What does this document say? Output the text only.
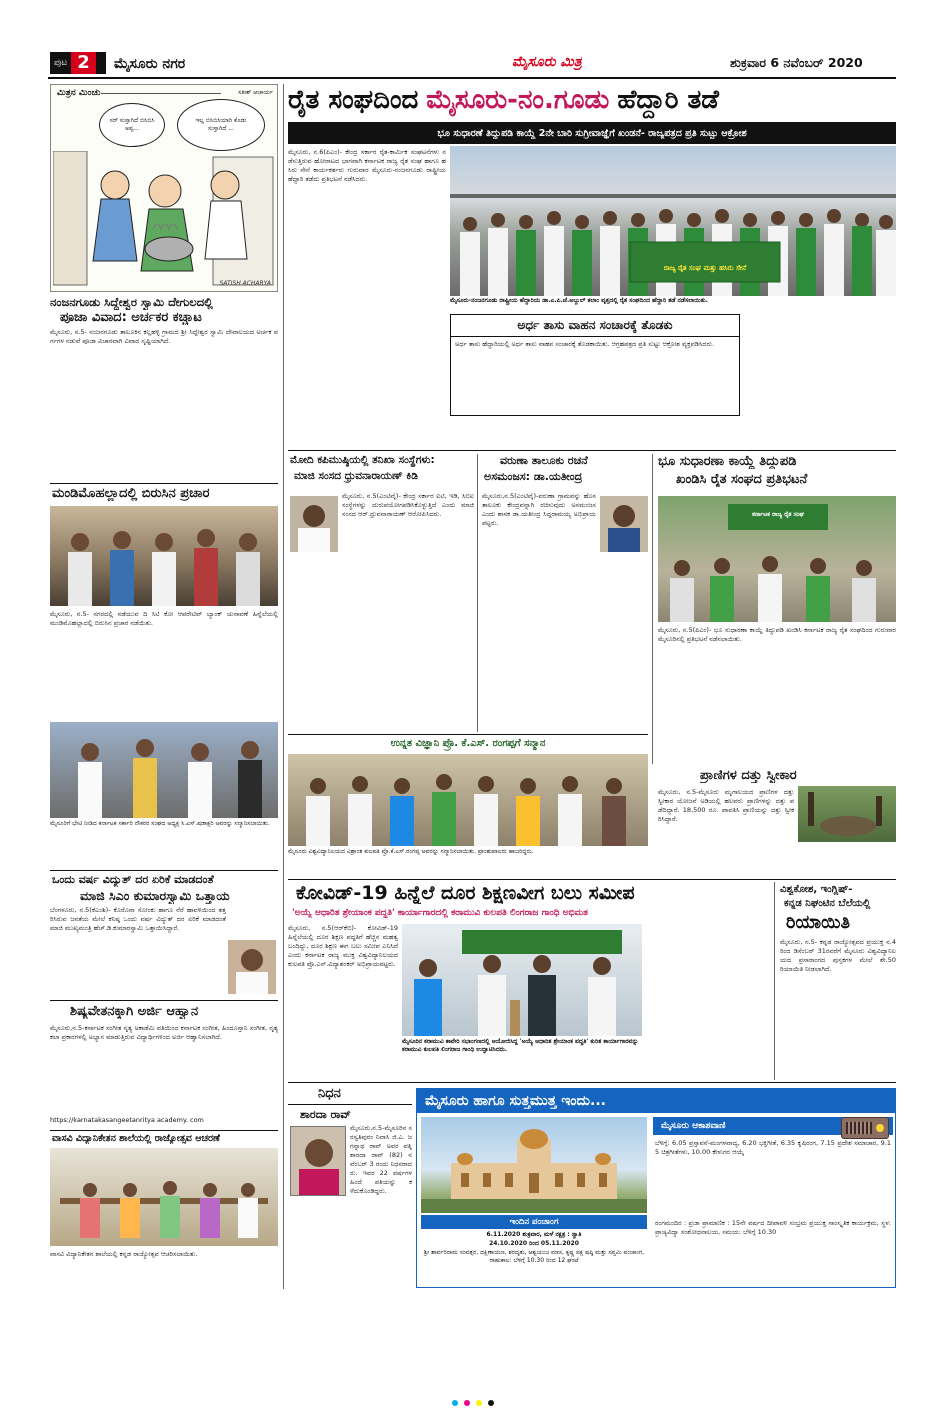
ಪುಟ 2	ಮೈಸೂರು ನಗರ	ಮೈಸೂರು ಮಿತ್ರ	ಶುಕ್ರವಾರ 6 ನವೆಂಬರ್ 2020
ಮಿತ್ರನ ಮಿಂಚು	ಸತೀಶ್ ಆಚಾರ್ಯ
ಸರ್ ಸುಸ್ತಾಗಿದೆ ಬಿಸಿಬಿಸಿ ಅಪ್ಪ...
ಇಲ್ಲ ಬಿಸಿಬಿಸಿಯಾಗಿ ಕೊಡು ಸುಸ್ತಾಗಿದೆ ...
SATISH ACHARYA
ನಂಜನಗೂಡು ಸಿದ್ದೇಶ್ವರ ಸ್ವಾಮಿ ದೇಗುಲದಲ್ಲಿ
ಪೂಜಾ ವಿವಾದ: ಅರ್ಚಕರ ಕಚ್ಚಾಟ
ಮೈಸೂರು, ನ.5- ನಂಜನಗೂಡು ತಾಲೂಕಿನ ಕಲ್ಲಹಳ್ಳಿ ಗ್ರಾಮದ ಶ್ರೀ ಸಿದ್ದೇಶ್ವರ ಸ್ವಾಮಿ ದೇವಾಲಯದ ಅರ್ಚಕ ವರ್ಗಗಳ ನಡುವೆ ಪೂಜಾ ವಿಚಾರವಾಗಿ ವಿವಾದ ಸೃಷ್ಟಿಯಾಗಿದೆ.
ಮಂಡಿಮೊಹಲ್ಲಾದಲ್ಲಿ ಬಿರುಸಿನ ಪ್ರಚಾರ
ಮೈಸೂರು, ನ.5- ನಗರದಲ್ಲಿ ನಡೆಯುವ ದಿ ಸಿಟಿ ಕೋ ಆಪರೇಟಿವ್ ಬ್ಯಾಂಕ್ ಚುನಾವಣೆ ಹಿನ್ನೆಲೆಯಲ್ಲಿ ಮಂಡಿಮೊಹಲ್ಲಾದಲ್ಲಿ ಬಿರುಸಿನ ಪ್ರಚಾರ ನಡೆಯಿತು.
ಮೈಸೂರಿಗೆ ಭೇಟಿ ನೀಡಿದ ಕರ್ನಾಟಕ ಸರ್ಕಾರಿ ನೌಕರರ ಸಂಘದ ಅಧ್ಯಕ್ಷ ಸಿ.ಎಸ್.ಷಡಾಕ್ಷರಿ ಅವರನ್ನು ಸನ್ಮಾನಿಸಲಾಯಿತು.
ಒಂದು ವರ್ಷ ವಿದ್ಯುತ್ ದರ ಏರಿಕೆ ಮಾಡದಂತೆ
ಮಾಜಿ ಸಿಎಂ ಕುಮಾರಸ್ವಾಮಿ ಒತ್ತಾಯ
ಬೆಂಗಳೂರು, ನ.5(ಕೆಎಂಶಿ)- ಕೊರೊನಾ ಸೋಂಕು ಹಾಗೂ ನೆರೆ ಹಾವಳಿಯಿಂದ ತತ್ತರಿಸಿರುವ ಜನತೆಯ ಮೇಲೆ ಕನಿಷ್ಠ ಒಂದು ವರ್ಷ ವಿದ್ಯುತ್ ದರ ಏರಿಕೆ ಮಾಡದಂತೆ ಮಾಜಿ ಮುಖ್ಯಮಂತ್ರಿ ಹೆಚ್.ಡಿ.ಕುಮಾರಸ್ವಾಮಿ ಒತ್ತಾಯಿಸಿದ್ದಾರೆ.
ಶಿಷ್ಯವೇತನಕ್ಕಾಗಿ ಅರ್ಜಿ ಆಹ್ವಾನ
ಮೈಸೂರು,ನ.5-ಕರ್ನಾಟಕ ಸಂಗೀತ ನೃತ್ಯ ಅಕಾಡೆಮಿ ವತಿಯಿಂದ ಕರ್ನಾಟಕ ಸಂಗೀತ, ಹಿಂದೂಸ್ತಾನಿ ಸಂಗೀತ, ನೃತ್ಯ ಕಲಾ ಪ್ರಕಾರಗಳಲ್ಲಿ ಅಭ್ಯಾಸ ಮಾಡುತ್ತಿರುವ ವಿದ್ಯಾರ್ಥಿಗಳಿಂದ ಅರ್ಜಿ ಆಹ್ವಾನಿಸಲಾಗಿದೆ.
https://karnatakasangeetanritya academy. com
ವಾಸವಿ ವಿದ್ಯಾನಿಕೇತನ ಶಾಲೆಯಲ್ಲಿ ರಾಜ್ಯೋತ್ಸವ ಆಚರಣೆ
ವಾಸವಿ ವಿದ್ಯಾನಿಕೇತನ ಶಾಲೆಯಲ್ಲಿ ಕನ್ನಡ ರಾಜ್ಯೋತ್ಸವ ಆಚರಿಸಲಾಯಿತು.
ರೈತ ಸಂಘದಿಂದ ಮೈಸೂರು-ನಂ.ಗೂಡು ಹೆದ್ದಾರಿ ತಡೆ
ಭೂ ಸುಧಾರಣೆ ತಿದ್ದುಪಡಿ ಕಾಯ್ದೆ 2ನೇ ಬಾರಿ ಸುಗ್ರೀವಾಜ್ಞೆಗೆ ಖಂಡನೆ- ರಾಜ್ಯಪತ್ರದ ಪ್ರತಿ ಸುಟ್ಟು ಆಕ್ರೋಶ
ಮೈಸೂರು, ನ.6(ಪಿಎಂ)- ಕೇಂದ್ರ ಸರ್ಕಾರ ರೈತ-ಕಾರ್ಮಿಕ ಸಂಘಟನೆಗಳು ನಡೆಸುತ್ತಿರುವ ಹೋರಾಟದ ಭಾಗವಾಗಿ ಕರ್ನಾಟಕ ರಾಜ್ಯ ರೈತ ಸಂಘ ಹಾಗೂ ಹಸಿರು ಸೇನೆ ಕಾರ್ಯಕರ್ತರು ಗುರುವಾರ ಮೈಸೂರು-ನಂಜನಗೂಡು ರಾಷ್ಟ್ರೀಯ ಹೆದ್ದಾರಿ ತಡೆದು ಪ್ರತಿಭಟನೆ ನಡೆಸಿದರು.
ರಾಜ್ಯ ರೈತ ಸಂಘ ಮತ್ತು ಹಸಿರು ಸೇನೆ
ಮೈಸೂರು-ನಂಜನಗೂಡು ರಾಷ್ಟ್ರೀಯ ಹೆದ್ದಾರಿಯ ಡಾ.ಎ.ಪಿ.ಜೆ.ಅಬ್ದುಲ್ ಕಲಾಂ ವೃತ್ತದಲ್ಲಿ ರೈತ ಸಂಘದಿಂದ ಹೆದ್ದಾರಿ ತಡೆ ನಡೆಸಲಾಯಿತು.
ಅರ್ಧ ತಾಸು ವಾಹನ ಸಂಚಾರಕ್ಕೆ ತೊಡಕು
ಅರ್ಧ ತಾಸು ಹೆದ್ದಾರಿಯಲ್ಲಿ ಅರ್ಧ ತಾಸು ವಾಹನ ಸಂಚಾರಕ್ಕೆ ತೊಡಕಾಯಿತು. ಆಗ್ರಹಪತ್ರದ ಪ್ರತಿ ಸುಟ್ಟು ಆಕ್ರೋಶ ವ್ಯಕ್ತಪಡಿಸಿದರು.
ಮೋದಿ ಕಪಿಮುಷ್ಠಿಯಲ್ಲಿ ತನಿಖಾ ಸಂಸ್ಥೆಗಳು:
ಮಾಜಿ ಸಂಸದ ಧ್ರುವನಾರಾಯಣ್ ಕಿಡಿ
ಮೈಸೂರು, ನ.5(ಎಂಟಿವೈ)- ಕೇಂದ್ರ ಸರ್ಕಾರ ಐಟಿ, ಇಡಿ, ಸಿಬಿಐ ಸಂಸ್ಥೆಗಳನ್ನು ದುರುಪಯೋಗಪಡಿಸಿಕೊಳ್ಳುತ್ತಿದೆ ಎಂದು ಮಾಜಿ ಸಂಸದ ಆರ್.ಧ್ರುವನಾರಾಯಣ್ ಆರೋಪಿಸಿದರು.
ವರುಣಾ ತಾಲೂಕು ರಚನೆ
ಅಸಮಂಜಸ: ಡಾ.ಯತೀಂದ್ರ
ಮೈಸೂರು,ನ.5(ಎಂಟಿವೈ)-ವರುಣಾ ಗ್ರಾಮವನ್ನು ಹೊಸ ತಾಲೂಕು ಕೇಂದ್ರವನ್ನಾಗಿ ರಚಿಸುವುದು ಅಸಮಂಜಸ ಎಂದು ಶಾಸಕ ಡಾ.ಯತೀಂದ್ರ ಸಿದ್ದರಾಮಯ್ಯ ಅಭಿಪ್ರಾಯಪಟ್ಟರು.
ಭೂ ಸುಧಾರಣಾ ಕಾಯ್ದೆ ತಿದ್ದುಪಡಿ
ಖಂಡಿಸಿ ರೈತ ಸಂಘದ ಪ್ರತಿಭಟನೆ
ಕರ್ನಾಟಕ ರಾಜ್ಯ ರೈತ ಸಂಘ
ಮೈಸೂರು, ನ.5(ಪಿಎಂ)- ಭೂ ಸುಧಾರಣಾ ಕಾಯ್ದೆ ತಿದ್ದುಪಡಿ ಖಂಡಿಸಿ ಕರ್ನಾಟಕ ರಾಜ್ಯ ರೈತ ಸಂಘದಿಂದ ಗುರುವಾರ ಮೈಸೂರಿನಲ್ಲಿ ಪ್ರತಿಭಟನೆ ನಡೆಸಲಾಯಿತು.
ಉನ್ನತ ವಿಜ್ಞಾನಿ ಪ್ರೊ. ಕೆ.ಎಸ್. ರಂಗಪ್ಪಗೆ ಸನ್ಮಾನ
ಮೈಸೂರು ವಿಶ್ವವಿದ್ಯಾನಿಲಯದ ವಿಶ್ರಾಂತ ಕುಲಪತಿ ಪ್ರೊ.ಕೆ.ಎಸ್.ರಂಗಪ್ಪ ಅವರನ್ನು ಸನ್ಮಾನಿಸಲಾಯಿತು. ಪ್ರಾಂಶುಪಾಲರು ಹಾಜರಿದ್ದರು.
ಪ್ರಾಣಿಗಳ ದತ್ತು ಸ್ವೀಕಾರ
ಮೈಸೂರು, ನ.5-ಮೈಸೂರು ಮೃಗಾಲಯದ ಪ್ರಾಣಿಗಳ ದತ್ತು ಸ್ವೀಕಾರ ಯೋಜನೆ ಅಡಿಯಲ್ಲಿ ಹಲವರು ಪ್ರಾಣಿಗಳನ್ನು ದತ್ತು ಪಡೆದಿದ್ದಾರೆ. 18,500 ರೂ. ಪಾವತಿಸಿ ಪ್ರಾಣಿಯನ್ನು ದತ್ತು ಸ್ವೀಕರಿಸಿದ್ದಾರೆ.
ಕೋವಿಡ್-19 ಹಿನ್ನೆಲೆ ದೂರ ಶಿಕ್ಷಣವೀಗ ಬಲು ಸಮೀಪ
'ಅಯ್ಯೆ ಆಧಾರಿತ ಶ್ರೇಯಾಂಕ ಪದ್ಧತಿ' ಕಾರ್ಯಾಗಾರದಲ್ಲಿ ಕರಾಮುವಿ ಕುಲಪತಿ ಲಿಂಗರಾಜ ಗಾಂಧಿ ಅಭಿಮತ
ಮೈಸೂರು, ನ.5(ಆರ್‌ಕೆಬಿ)- ಕೋವಿಡ್-19 ಹಿನ್ನೆಲೆಯಲ್ಲಿ ದೂರ ಶಿಕ್ಷಣ ಪದ್ಧತಿಗೆ ಹೆಚ್ಚಿನ ಮಹತ್ವ ಬಂದಿದ್ದು, ದೂರ ಶಿಕ್ಷಣ ಈಗ ಬಲು ಸಮೀಪ ಎನಿಸಿದೆ ಎಂದು ಕರ್ನಾಟಕ ರಾಜ್ಯ ಮುಕ್ತ ವಿಶ್ವವಿದ್ಯಾನಿಲಯದ ಕುಲಪತಿ ಪ್ರೊ.ಎಸ್.ವಿದ್ಯಾಶಂಕರ್ ಅಭಿಪ್ರಾಯಪಟ್ಟರು.
ಮೈಸೂರಿನ ಕರಾಮುವಿ ಕಾವೇರಿ ಸಭಾಂಗಣದಲ್ಲಿ ಆಯೋಜಿಸಿದ್ದ 'ಅಯ್ಯೆ ಆಧಾರಿತ ಶ್ರೇಯಾಂಕ ಪದ್ಧತಿ' ಕುರಿತ ಕಾರ್ಯಾಗಾರವನ್ನು ಕರಾಮುವಿ ಕುಲಪತಿ ಲಿಂಗರಾಜ ಗಾಂಧಿ ಉದ್ಘಾಟಿಸಿದರು.
ವಿಶ್ವಕೋಶ, ಇಂಗ್ಲಿಷ್-
ಕನ್ನಡ ನಿಘಂಟಿನ ಬೆಲೆಯಲ್ಲಿ
ರಿಯಾಯಿತಿ
ಮೈಸೂರು, ನ.5- ಕನ್ನಡ ರಾಜ್ಯೋತ್ಸವದ ಪ್ರಯುಕ್ತ ನ.4ರಿಂದ ಡಿಸೆಂಬರ್ 31ರವರೆಗೆ ಮೈಸೂರು ವಿಶ್ವವಿದ್ಯಾನಿಲಯದ ಪ್ರಸಾರಾಂಗದ ಪುಸ್ತಕಗಳ ಮೇಲೆ ಶೇ.50 ರಿಯಾಯಿತಿ ನೀಡಲಾಗಿದೆ.
ನಿಧನ
ಶಾರದಾ ರಾವ್
ಮೈಸೂರು,ನ.5-ಮೈಸೂರಿನ ಸರಸ್ವತಿಪುರಂ ನಿವಾಸಿ ಜಿ.ಎ. ಜಗನ್ನಾಥ ರಾವ್ ಅವರ ಪತ್ನಿ ಶಾರದಾ ರಾವ್ (82) ನವೆಂಬರ್ 3 ರಂದು ನಿಧನರಾದರು. ಇವರ 22 ವರ್ಷಗಳ ಹಿಂದೆ ಪತಿಯನ್ನು ಕಳೆದುಕೊಂಡಿದ್ದರು.
ಮೈಸೂರು ಹಾಗೂ ಸುತ್ತಮುತ್ತ ಇಂದು...
ಇಂದಿನ ಪಂಚಾಂಗ
6.11.2020 ಶುಕ್ರವಾರ, ಮಳೆ ನಕ್ಷತ್ರ : ಸ್ವಾತಿ
24.10.2020 ರಿಂದ 05.11.2020
ಶ್ರೀ ಶಾರ್ವರಿನಾಮ ಸಂವತ್ಸರ, ದಕ್ಷಿಣಾಯಣ, ಶರದೃತು, ಆಶ್ವಯುಜ ಮಾಸ, ಕೃಷ್ಣ ಪಕ್ಷ ಷಷ್ಠಿ ಮತ್ತು ಸಪ್ತಮಿ ಪಂಚಾಂಗ, ರಾಹುಕಾಲ: ಬೆಳಿಗ್ಗೆ 10.30 ರಿಂದ 12 ಘಂಟೆ
ಮೈಸೂರು ಆಕಾಶವಾಣಿ
ಬೆಳಿಗ್ಗೆ: 6.05 ಪ್ರಸ್ತಾವನೆ-ಮಂಗಳವಾದ್ಯ, 6.20 ಭಕ್ತಿಗೀತೆ, 6.35 ಕೃಷಿರಂಗ, 7.15 ಪ್ರದೇಶ ಸಮಾಚಾರ, 9.15 ಚಿತ್ರಗೀತೆಗಳು, 10.00 ಕೇಳುಗರ ಆಯ್ಕೆ
ರಂಗಮಂದಿರ : ಪ್ರಜಾ ಪ್ರಾಮಾಣಿಕ : 15ನೇ ವರ್ಷದ ದೀಪಾವಳಿ ಸಂಭ್ರಮ ಪ್ರಯುಕ್ತ ಸಾಂಸ್ಕೃತಿಕ ಕಾರ್ಯಕ್ರಮ, ಸ್ಥಳ: ಪ್ರಾಚ್ಯವಿದ್ಯಾ ಸಂಶೋಧನಾಲಯ, ಸಮಯ: ಬೆಳಿಗ್ಗೆ 10.30
